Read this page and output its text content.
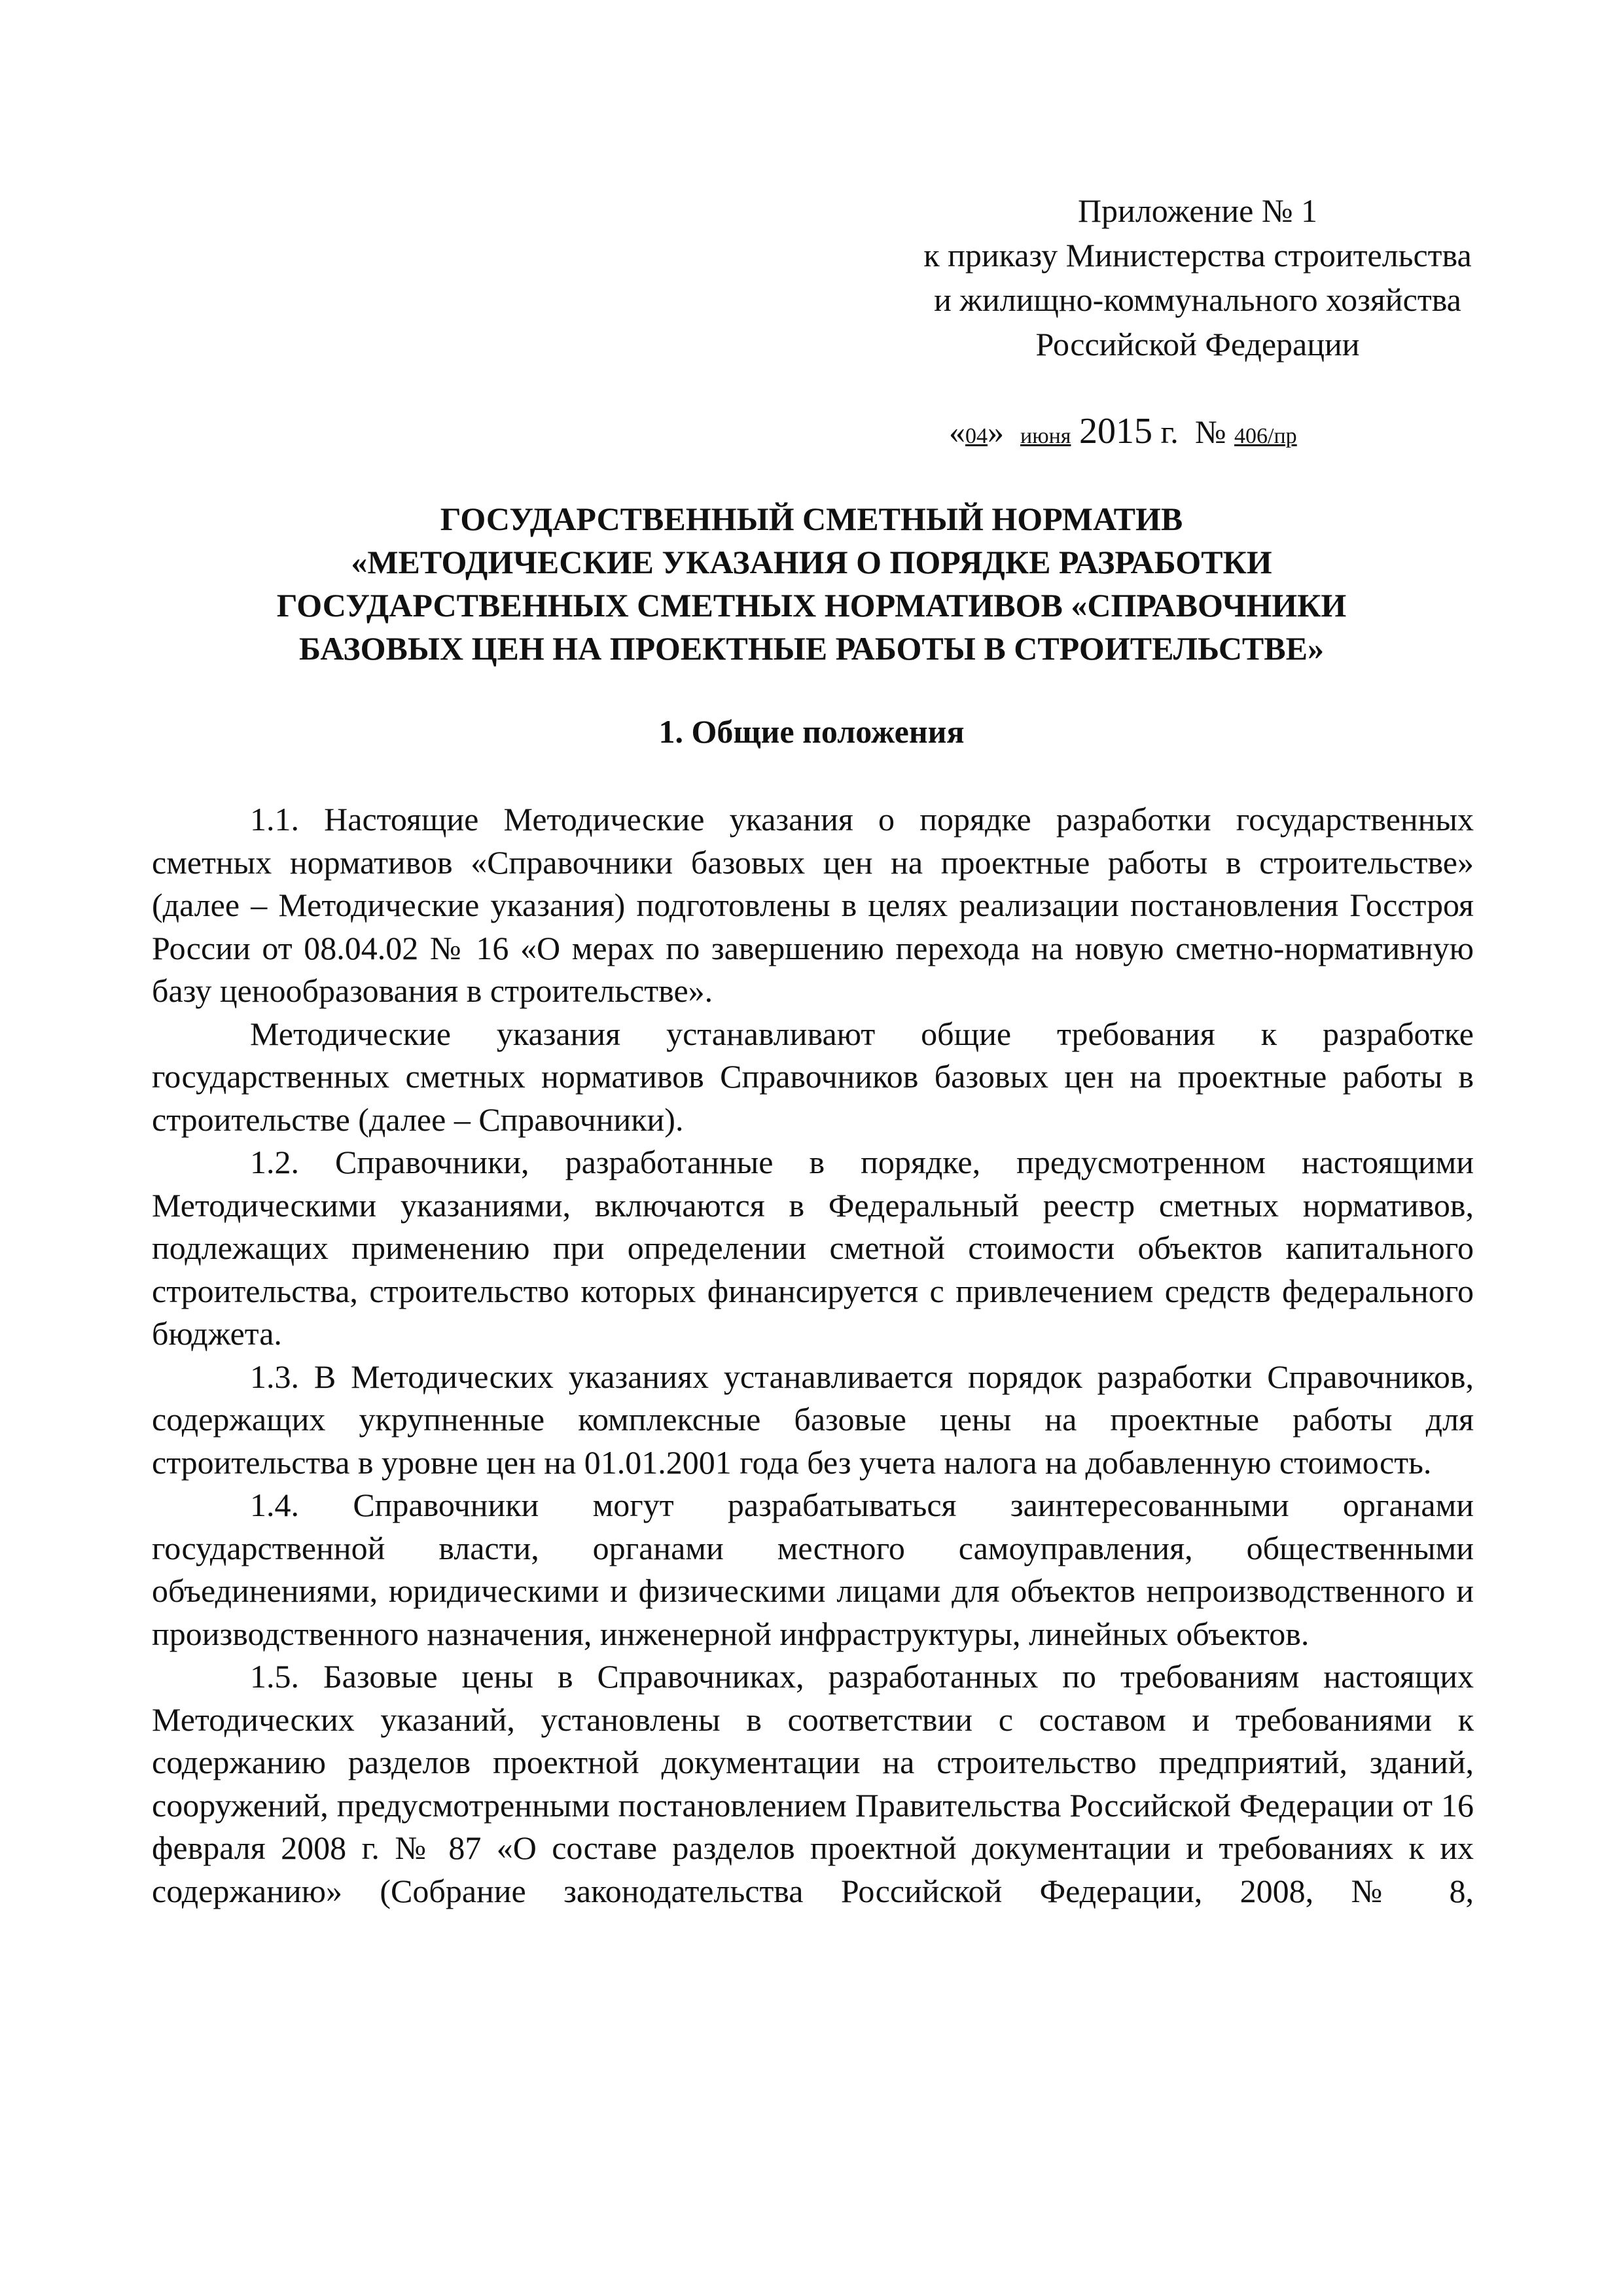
Приложение № 1
к приказу Министерства строительства
и жилищно-коммунального хозяйства
Российской Федерации
«04» июня 2015 г. № 406/пр
ГОСУДАРСТВЕННЫЙ СМЕТНЫЙ НОРМАТИВ
«МЕТОДИЧЕСКИЕ УКАЗАНИЯ О ПОРЯДКЕ РАЗРАБОТКИ
ГОСУДАРСТВЕННЫХ СМЕТНЫХ НОРМАТИВОВ «СПРАВОЧНИКИ
БАЗОВЫХ ЦЕН НА ПРОЕКТНЫЕ РАБОТЫ В СТРОИТЕЛЬСТВЕ»
1. Общие положения

1.1. Настоящие Методические указания о порядке разработки государственных сметных нормативов «Справочники базовых цен на проектные работы в строительстве» (далее – Методические указания) подготовлены в целях реализации постановления Госстроя России от 08.04.02 № 16 «О мерах по завершению перехода на новую сметно-нормативную базу ценообразования в строительстве».

Методические указания устанавливают общие требования к разработке государственных сметных нормативов Справочников базовых цен на проектные работы в строительстве (далее – Справочники).

1.2. Справочники, разработанные в порядке, предусмотренном настоящими Методическими указаниями, включаются в Федеральный реестр сметных нормативов, подлежащих применению при определении сметной стоимости объектов капитального строительства, строительство которых финансируется с привлечением средств федерального бюджета.

1.3. В Методических указаниях устанавливается порядок разработки Справочников, содержащих укрупненные комплексные базовые цены на проектные работы для строительства в уровне цен на 01.01.2001 года без учета налога на добавленную стоимость.

1.4. Справочники могут разрабатываться заинтересованными органами государственной власти, органами местного самоуправления, общественными объединениями, юридическими и физическими лицами для объектов непроизводственного и производственного назначения, инженерной инфраструктуры, линейных объектов.

1.5. Базовые цены в Справочниках, разработанных по требованиям настоящих Методических указаний, установлены в соответствии с составом и требованиями к содержанию разделов проектной документации на строительство предприятий, зданий, сооружений, предусмотренными постановлением Правительства Российской Федерации от 16 февраля 2008 г. № 87 «О составе разделов проектной документации и требованиях к их содержанию» (Собрание законодательства Российской Федерации, 2008, № 8,
